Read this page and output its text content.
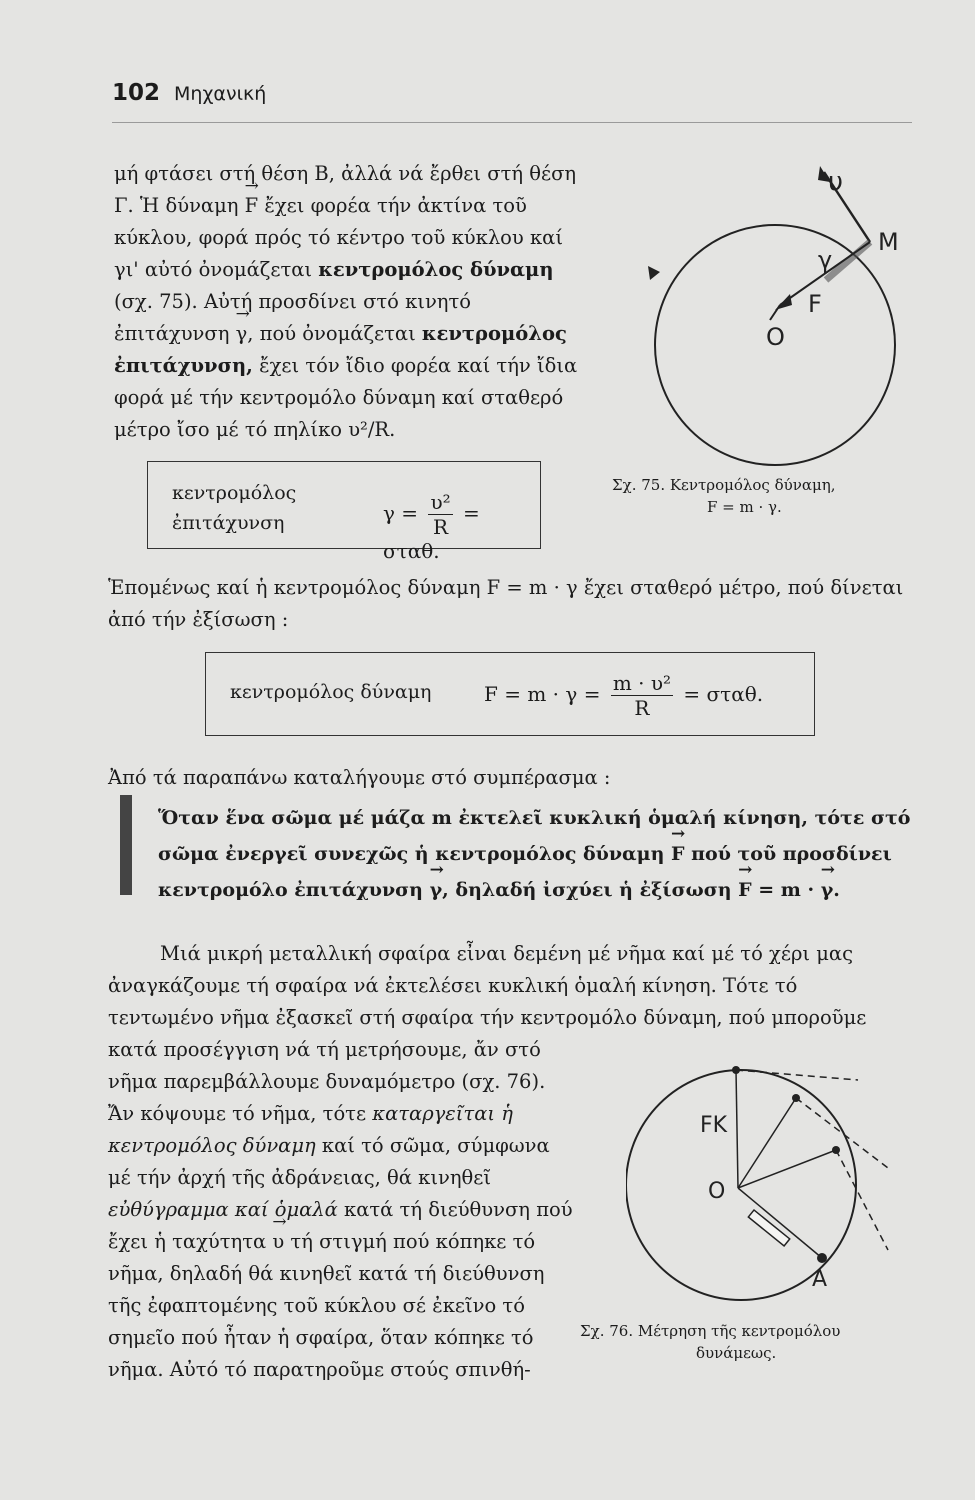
102 Μηχανική
μή φτάσει στή θέση Β, ἀλλά νά ἔρθει στή θέση Γ. Ἡ δύναμη → F ἔχει φορέα τήν ἀκτίνα τοῦ κύκλου, φορά πρός τό κέντρο τοῦ κύκλου καί γι' αὐτό ὀνομάζεται κεντρομόλος δύναμη (σχ. 75). Αὐτή προσδίνει στό κινητό ἐπιτάχυνση → γ, πού ὀνομάζεται κεντρομόλος ἐπιτάχυνση, ἔχει τόν ἴδιο φορέα καί τήν ἴδια φορά μέ τήν κεντρομόλο δύναμη καί σταθερό μέτρο ἴσο μέ τό πηλίκο υ²/R.
κεντρομόλος
ἐπιτάχυνση	$\gamma = \frac{\text{υ²}}{R} = \sigma\tau\alpha\theta$.
Σχ. 75. Κεντρομόλος δύναμη,
F = m · γ.
Ἑπομένως καί ἡ κεντρομόλος δύναμη F = m · γ ἔχει σταθερό μέτρο, πού δίνεται ἀπό τήν ἐξίσωση :
κεντρομόλος δύναμη	$F = m \cdot \gamma = \frac{\text{m · υ²}}{R} = \sigma\tau\alpha\theta$.
Ἀπό τά παραπάνω καταλήγουμε στό συμπέρασμα :
Ὅταν ἕνα σῶμα μέ μάζα m ἐκτελεῖ κυκλική ὁμαλή κίνηση, τότε στό σῶμα ἐνεργεῖ συνεχῶς ἡ κεντρομόλος δύναμη → F πού τοῦ προσδίνει κεντρομόλο ἐπιτάχυνση → γ, δηλαδή ἰσχύει ἡ ἐξίσωση → F = m · → γ.
Μιά μικρή μεταλλική σφαίρα εἶναι δεμένη μέ νῆμα καί μέ τό χέρι μας ἀναγκάζουμε τή σφαίρα νά ἐκτελέσει κυκλική ὁμαλή κίνηση. Τότε τό
τεντωμένο νῆμα ἐξασκεῖ στή σφαίρα τήν κεντρομόλο δύναμη, πού μποροῦμε
κατά προσέγγιση νά τή μετρήσουμε, ἄν στό νῆμα παρεμβάλλουμε δυναμόμετρο (σχ. 76). Ἄν κόψουμε τό νῆμα, τότε καταργεῖται ἡ κεντρομόλος δύναμη καί τό σῶμα, σύμφωνα μέ τήν ἀρχή τῆς ἀδράνειας, θά κινηθεῖ εὐθύγραμμα καί ὁμαλά κατά τή διεύθυνση πού ἔχει ἡ ταχύτητα → υ τή στιγμή πού κόπηκε τό νῆμα, δηλαδή θά κινηθεῖ κατά τή διεύθυνση τῆς ἐφαπτομένης τοῦ κύκλου σέ ἐκεῖνο τό σημεῖο πού ἦταν ἡ σφαίρα, ὅταν κόπηκε τό νῆμα. Αὐτό τό παρατηροῦμε στούς σπινθή-
υ
M
γ
F
O
FK
O
A
Σχ. 76. Μέτρηση τῆς κεντρομόλου
δυνάμεως.
